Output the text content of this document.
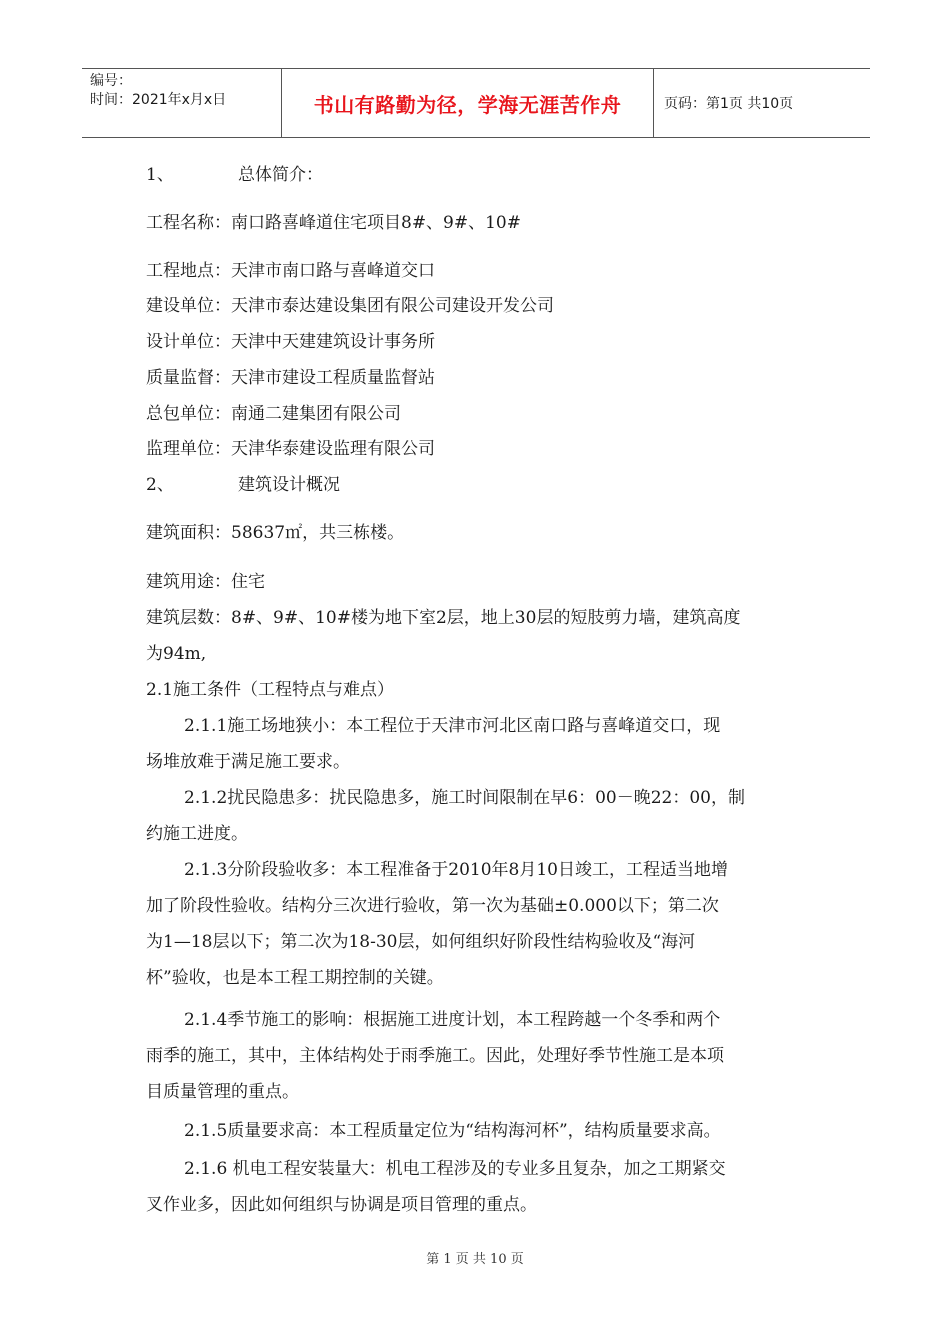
编号：
时间：2021年x月x日	书山有路勤为径，学海无涯苦作舟	页码：第1页 共10页
1、	总体简介：
工程名称：南口路喜峰道住宅项目8#、9#、10#
工程地点：天津市南口路与喜峰道交口
建设单位：天津市泰达建设集团有限公司建设开发公司
设计单位：天津中天建建筑设计事务所
质量监督：天津市建设工程质量监督站
总包单位：南通二建集团有限公司
监理单位：天津华泰建设监理有限公司
2、	建筑设计概况
建筑面积：58637㎡，共三栋楼。
建筑用途：住宅
建筑层数：8#、9#、10#楼为地下室2层，地上30层的短肢剪力墙，建筑高度
为94m,
2.1施工条件（工程特点与难点）
2.1.1施工场地狭小：本工程位于天津市河北区南口路与喜峰道交口，现
场堆放难于满足施工要求。
2.1.2扰民隐患多：扰民隐患多，施工时间限制在早6：00－晚22：00，制
约施工进度。
2.1.3分阶段验收多：本工程准备于2010年8月10日竣工，工程适当地增
加了阶段性验收。结构分三次进行验收，第一次为基础±0.000以下；第二次
为1—18层以下；第二次为18-30层，如何组织好阶段性结构验收及“海河
杯”验收，也是本工程工期控制的关键。
2.1.4季节施工的影响：根据施工进度计划，本工程跨越一个冬季和两个
雨季的施工，其中，主体结构处于雨季施工。因此，处理好季节性施工是本项
目质量管理的重点。
2.1.5质量要求高：本工程质量定位为“结构海河杯”，结构质量要求高。
2.1.6 机电工程安装量大：机电工程涉及的专业多且复杂，加之工期紧交
叉作业多，因此如何组织与协调是项目管理的重点。
第 1 页 共 10 页
